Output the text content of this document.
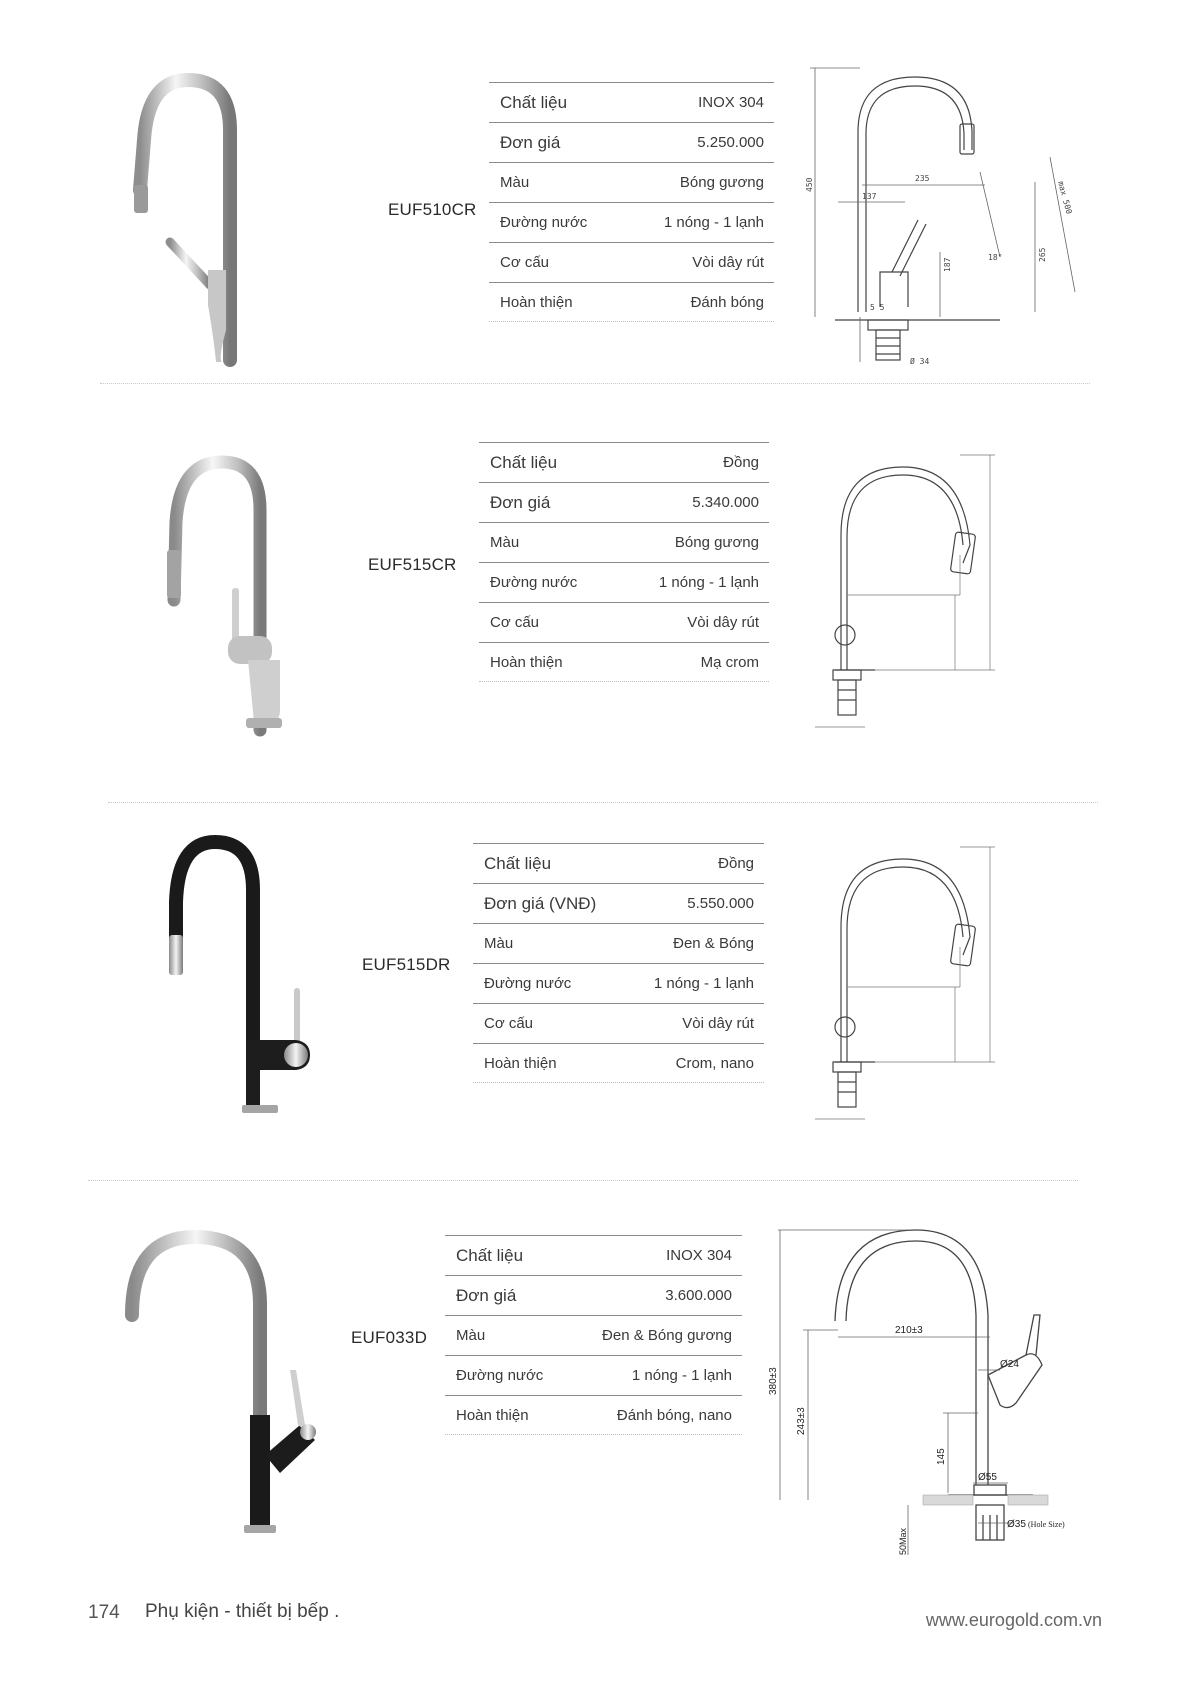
EUF510CR
Chất liệu	INOX 304
Đơn giá	5.250.000
Màu	Bóng gương
Đường nước	1 nóng - 1 lạnh
Cơ cấu	Vòi dây rút
Hoàn thiện	Đánh bóng
450	235
137
187
265
max 500
18°
5 5
Ø 34
EUF515CR
Chất liệu	Đồng
Đơn giá	5.340.000
Màu	Bóng gương
Đường nước	1 nóng - 1 lạnh
Cơ cấu	Vòi dây rút
Hoàn thiện	Mạ crom
EUF515DR
Chất liệu	Đồng
Đơn giá (VNĐ)	5.550.000
Màu	Đen & Bóng
Đường nước	1 nóng - 1 lạnh
Cơ cấu	Vòi dây rút
Hoàn thiện	Crom, nano
EUF033D
Chất liệu	INOX 304
Đơn giá	3.600.000
Màu	Đen & Bóng gương
Đường nước	1 nóng - 1 lạnh
Hoàn thiện	Đánh bóng, nano
210±3
Ø24
380±3
243±3
145
Ø55
Ø35 (Hole Size)
50Max
174 Phụ kiện - thiết bị bếp .	www.eurogold.com.vn
